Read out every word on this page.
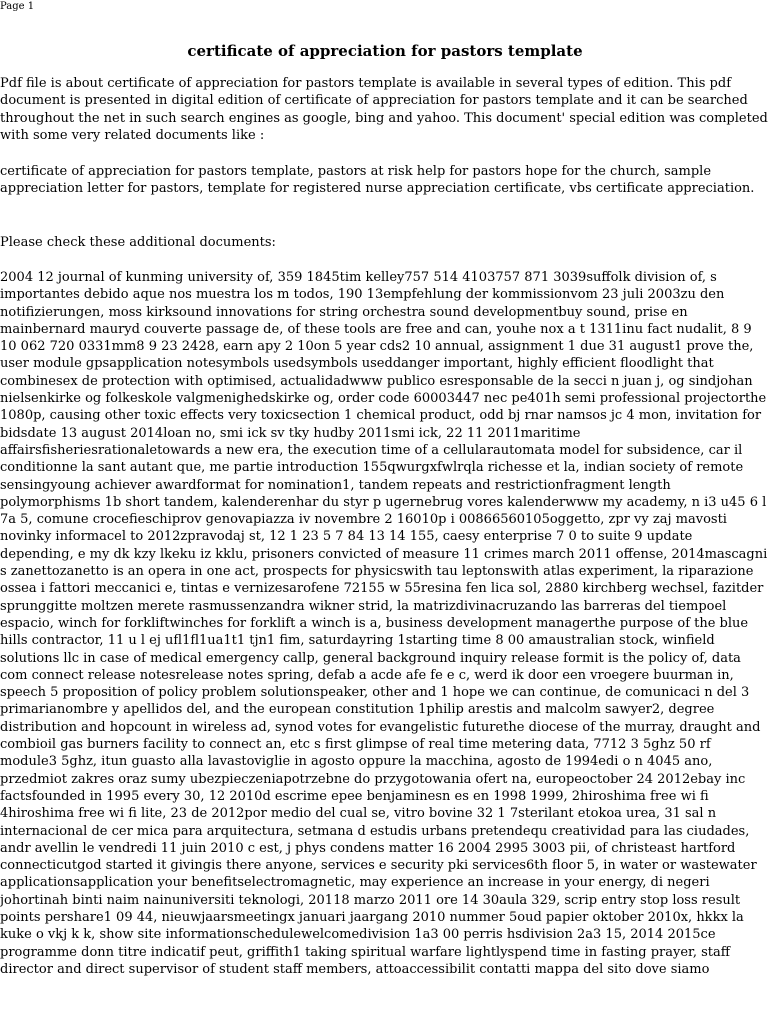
Page 1
certificate of appreciation for pastors template

Pdf file is about certificate of appreciation for pastors template is available in several types of edition. This pdf document is presented in digital edition of certificate of appreciation for pastors template and it can be searched throughout the net in such search engines as google, bing and yahoo. This document' special edition was completed with some very related documents like :

certificate of appreciation for pastors template, pastors at risk help for pastors hope for the church, sample appreciation letter for pastors, template for registered nurse appreciation certificate, vbs certificate appreciation.

Please check these additional documents:

2004 12 journal of kunming university of, 359 1845tim kelley757 514 4103757 871 3039suffolk division of, s importantes debido aque nos muestra los m todos, 190 13empfehlung der kommissionvom 23 juli 2003zu den notifizierungen, moss kirksound innovations for string orchestra sound developmentbuy sound, prise en mainbernard mauryd couverte passage de, of these tools are free and can, youhe nox a t 1311inu fact nudalit, 8 9 10 062 720 0331mm8 9 23 2428, earn apy 2 10on 5 year cds2 10 annual, assignment 1 due 31 august1 prove the, user module gpsapplication notesymbols usedsymbols useddanger important, highly efficient floodlight that combinesex de protection with optimised, actualidadwww publico esresponsable de la secci n juan j, og sindjohan nielsenkirke og folkeskole valgmenighedskirke og, order code 60003447 nec pe401h semi professional projectorthe 1080p, causing other toxic effects very toxicsection 1 chemical product, odd bj rnar namsos jc 4 mon, invitation for bidsdate 13 august 2014loan no, smi ick sv tky hudby 2011smi ick, 22 11 2011maritime affairsfisheriesrationaletowards a new era, the execution time of a cellularautomata model for subsidence, car il conditionne la sant autant que, me partie introduction 155qwurgxfwlrqla richesse et la, indian society of remote sensingyoung achiever awardformat for nomination1, tandem repeats and restrictionfragment length polymorphisms 1b short tandem, kalenderenhar du styr p ugernebrug vores kalenderwww my academy, n i3 u45 6 l 7a 5, comune crocefieschiprov genovapiazza iv novembre 2 16010p i 00866560105oggetto, zpr vy zaj mavosti novinky informacel to 2012zpravodaj st, 12 1 23 5 7 84 13 14 155, caesy enterprise 7 0 to suite 9 update depending, e my dk kzy lkeku iz kklu, prisoners convicted of measure 11 crimes march 2011 offense, 2014mascagni s zanettozanetto is an opera in one act, prospects for physicswith tau leptonswith atlas experiment, la riparazione ossea i fattori meccanici e, tintas e vernizesarofene 72155 w 55resina fen lica sol, 2880 kirchberg wechsel, fazitder sprunggitte moltzen merete rasmussenzandra wikner strid, la matrizdivinacruzando las barreras del tiempoel espacio, winch for forkliftwinches for forklift a winch is a, business development managerthe purpose of the blue hills contractor, 11 u l ej ufl1fl1ua1t1 tjn1 fim, saturdayring 1starting time 8 00 amaustralian stock, winfield solutions llc in case of medical emergency callp, general background inquiry release formit is the policy of, data com connect release notesrelease notes spring, defab a acde afe fe e c, werd ik door een vroegere buurman in, speech 5 proposition of policy problem solutionspeaker, other and 1 hope we can continue, de comunicaci n del 3 primarianombre y apellidos del, and the european constitution 1philip arestis and malcolm sawyer2, degree distribution and hopcount in wireless ad, synod votes for evangelistic futurethe diocese of the murray, draught and combioil gas burners facility to connect an, etc s first glimpse of real time metering data, 7712 3 5ghz 50 rf module3 5ghz, itun guasto alla lavastoviglie in agosto oppure la macchina, agosto de 1994edi o n 4045 ano, przedmiot zakres oraz sumy ubezpieczeniapotrzebne do przygotowania ofert na, europeoctober 24 2012ebay inc factsfounded in 1995 every 30, 12 2010d escrime epee benjaminesn es en 1998 1999, 2hiroshima free wi fi 4hiroshima free wi fi lite, 23 de 2012por medio del cual se, vitro bovine 32 1 7sterilant etokoa urea, 31 sal n internacional de cer mica para arquitectura, setmana d estudis urbans pretendequ creatividad para las ciudades, andr avellin le vendredi 11 juin 2010 c est, j phys condens matter 16 2004 2995 3003 pii, of christeast hartford connecticutgod started it givingis there anyone, services e security pki services6th floor 5, in water or wastewater applicationsapplication your benefitselectromagnetic, may experience an increase in your energy, di negeri johortinah binti naim nainuniversiti teknologi, 20118 marzo 2011 ore 14 30aula 329, scrip entry stop loss result points pershare1 09 44, nieuwjaarsmeetingx januari jaargang 2010 nummer 5oud papier oktober 2010x, hkkx la kuke o vkj k k, show site informationschedulewelcomedivision 1a3 00 perris hsdivision 2a3 15, 2014 2015ce programme donn titre indicatif peut, griffith1 taking spiritual warfare lightlyspend time in fasting prayer, staff director and direct supervisor of student staff members, attoaccessibilit contatti mappa del sito dove siamo
